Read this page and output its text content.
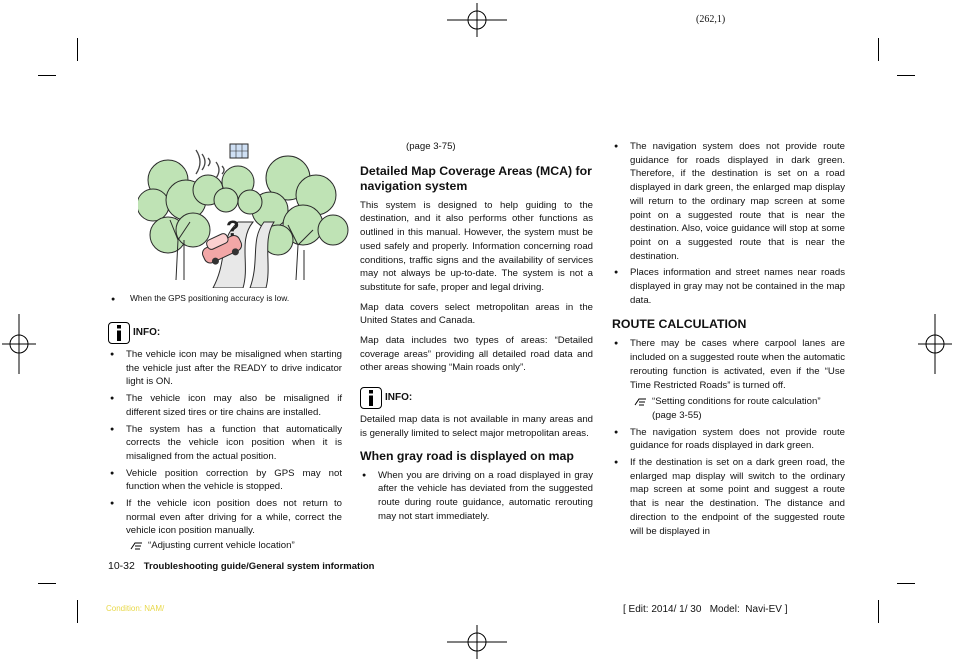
(262,1)
?
● When the GPS positioning accuracy is low.
INFO:
● The vehicle icon may be misaligned when starting the vehicle just after the READY to drive indicator light is ON.
● The vehicle icon may also be misaligned if different sized tires or tire chains are installed.
● The system has a function that automatically corrects the vehicle icon position when it is misaligned from the actual position.
● Vehicle position correction by GPS may not function when the vehicle is stopped.
● If the vehicle icon position does not return to normal even after driving for a while, correct the vehicle icon position manually.
“Adjusting current vehicle location”
(page 3-75)
Detailed Map Coverage Areas (MCA) for navigation system

This system is designed to help guiding to the destination, and it also performs other functions as outlined in this manual. However, the system must be used safely and properly. Information concerning road conditions, traffic signs and the availability of services may not always be up-to-date. The system is not a substitute for safe, proper and legal driving.

Map data covers select metropolitan areas in the United States and Canada.

Map data includes two types of areas: “Detailed coverage areas” providing all detailed road data and other areas showing “Main roads only”.

INFO:

Detailed map data is not available in many areas and is generally limited to select major metropolitan areas.

When gray road is displayed on map
● When you are driving on a road displayed in gray after the vehicle has deviated from the suggested route during route guidance, automatic rerouting may not start immediately.
● The navigation system does not provide route guidance for roads displayed in dark green. Therefore, if the destination is set on a road displayed in dark green, the enlarged map display will return to the ordinary map screen at some point on a suggested route that is near the destination. Also, voice guidance will stop at some point on a suggested route that is near the destination.
● Places information and street names near roads displayed in gray may not be contained in the map data.
ROUTE CALCULATION
● There may be cases where carpool lanes are included on a suggested route when the automatic rerouting function is activated, even if the “Use Time Restricted Roads” is turned off.
“Setting conditions for route calculation” (page 3-55)
● The navigation system does not provide route guidance for roads displayed in dark green.
● If the destination is set on a dark green road, the enlarged map display will switch to the ordinary map screen at some point and suggest a route that is near the destination. The distance and direction to the endpoint of the suggested route will be displayed in
10-32 Troubleshooting guide/General system information
Condition: NAM/	[ Edit: 2014/ 1/ 30   Model:  Navi-EV ]
